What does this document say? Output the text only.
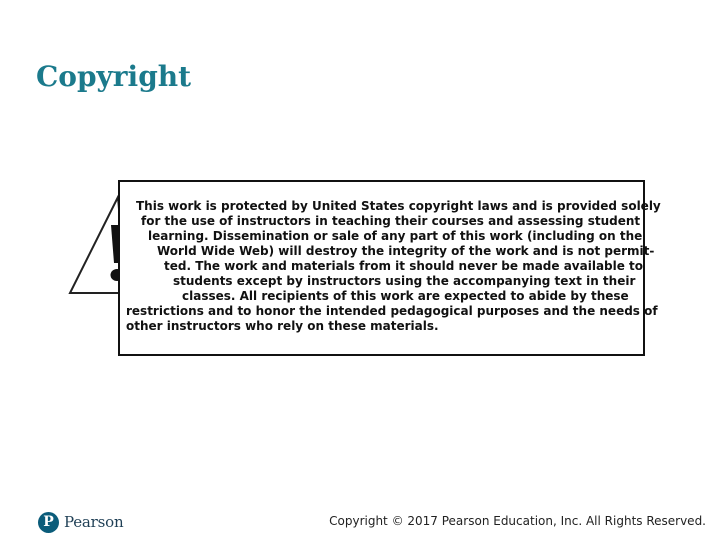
Copyright
This work is protected by United States copyright laws and is provided solely
for the use of instructors in teaching their courses and assessing student
learning. Dissemination or sale of any part of this work (including on the
World Wide Web) will destroy the integrity of the work and is not permit-
ted. The work and materials from it should never be made available to
students except by instructors using the accompanying text in their
classes. All recipients of this work are expected to abide by these
restrictions and to honor the intended pedagogical purposes and the needs of
other instructors who rely on these materials.
P Pearson	Copyright © 2017 Pearson Education, Inc. All Rights Reserved.
